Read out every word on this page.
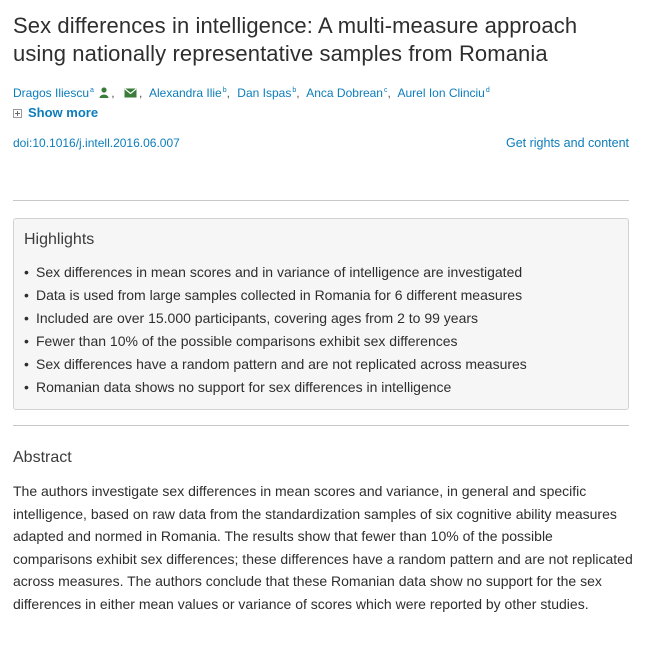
Sex differences in intelligence: A multi-measure approach using nationally representative samples from Romania
Dragos Iliescu$^a$ , , Alexandra Ilie$^b$, Dan Ispas$^b$, Anca Dobrean$^c$, Aurel Ion Clinciu$^d$
Show more
doi:10.1016/j.intell.2016.06.007	Get rights and content
Highlights
• Sex differences in mean scores and in variance of intelligence are investigated
• Data is used from large samples collected in Romania for 6 different measures
• Included are over 15.000 participants, covering ages from 2 to 99 years
• Fewer than 10% of the possible comparisons exhibit sex differences
• Sex differences have a random pattern and are not replicated across measures
• Romanian data shows no support for sex differences in intelligence
Abstract

The authors investigate sex differences in mean scores and variance, in general and specific intelligence, based on raw data from the standardization samples of six cognitive ability measures adapted and normed in Romania. The results show that fewer than 10% of the possible comparisons exhibit sex differences; these differences have a random pattern and are not replicated across measures. The authors conclude that these Romanian data show no support for the sex differences in either mean values or variance of scores which were reported by other studies.
